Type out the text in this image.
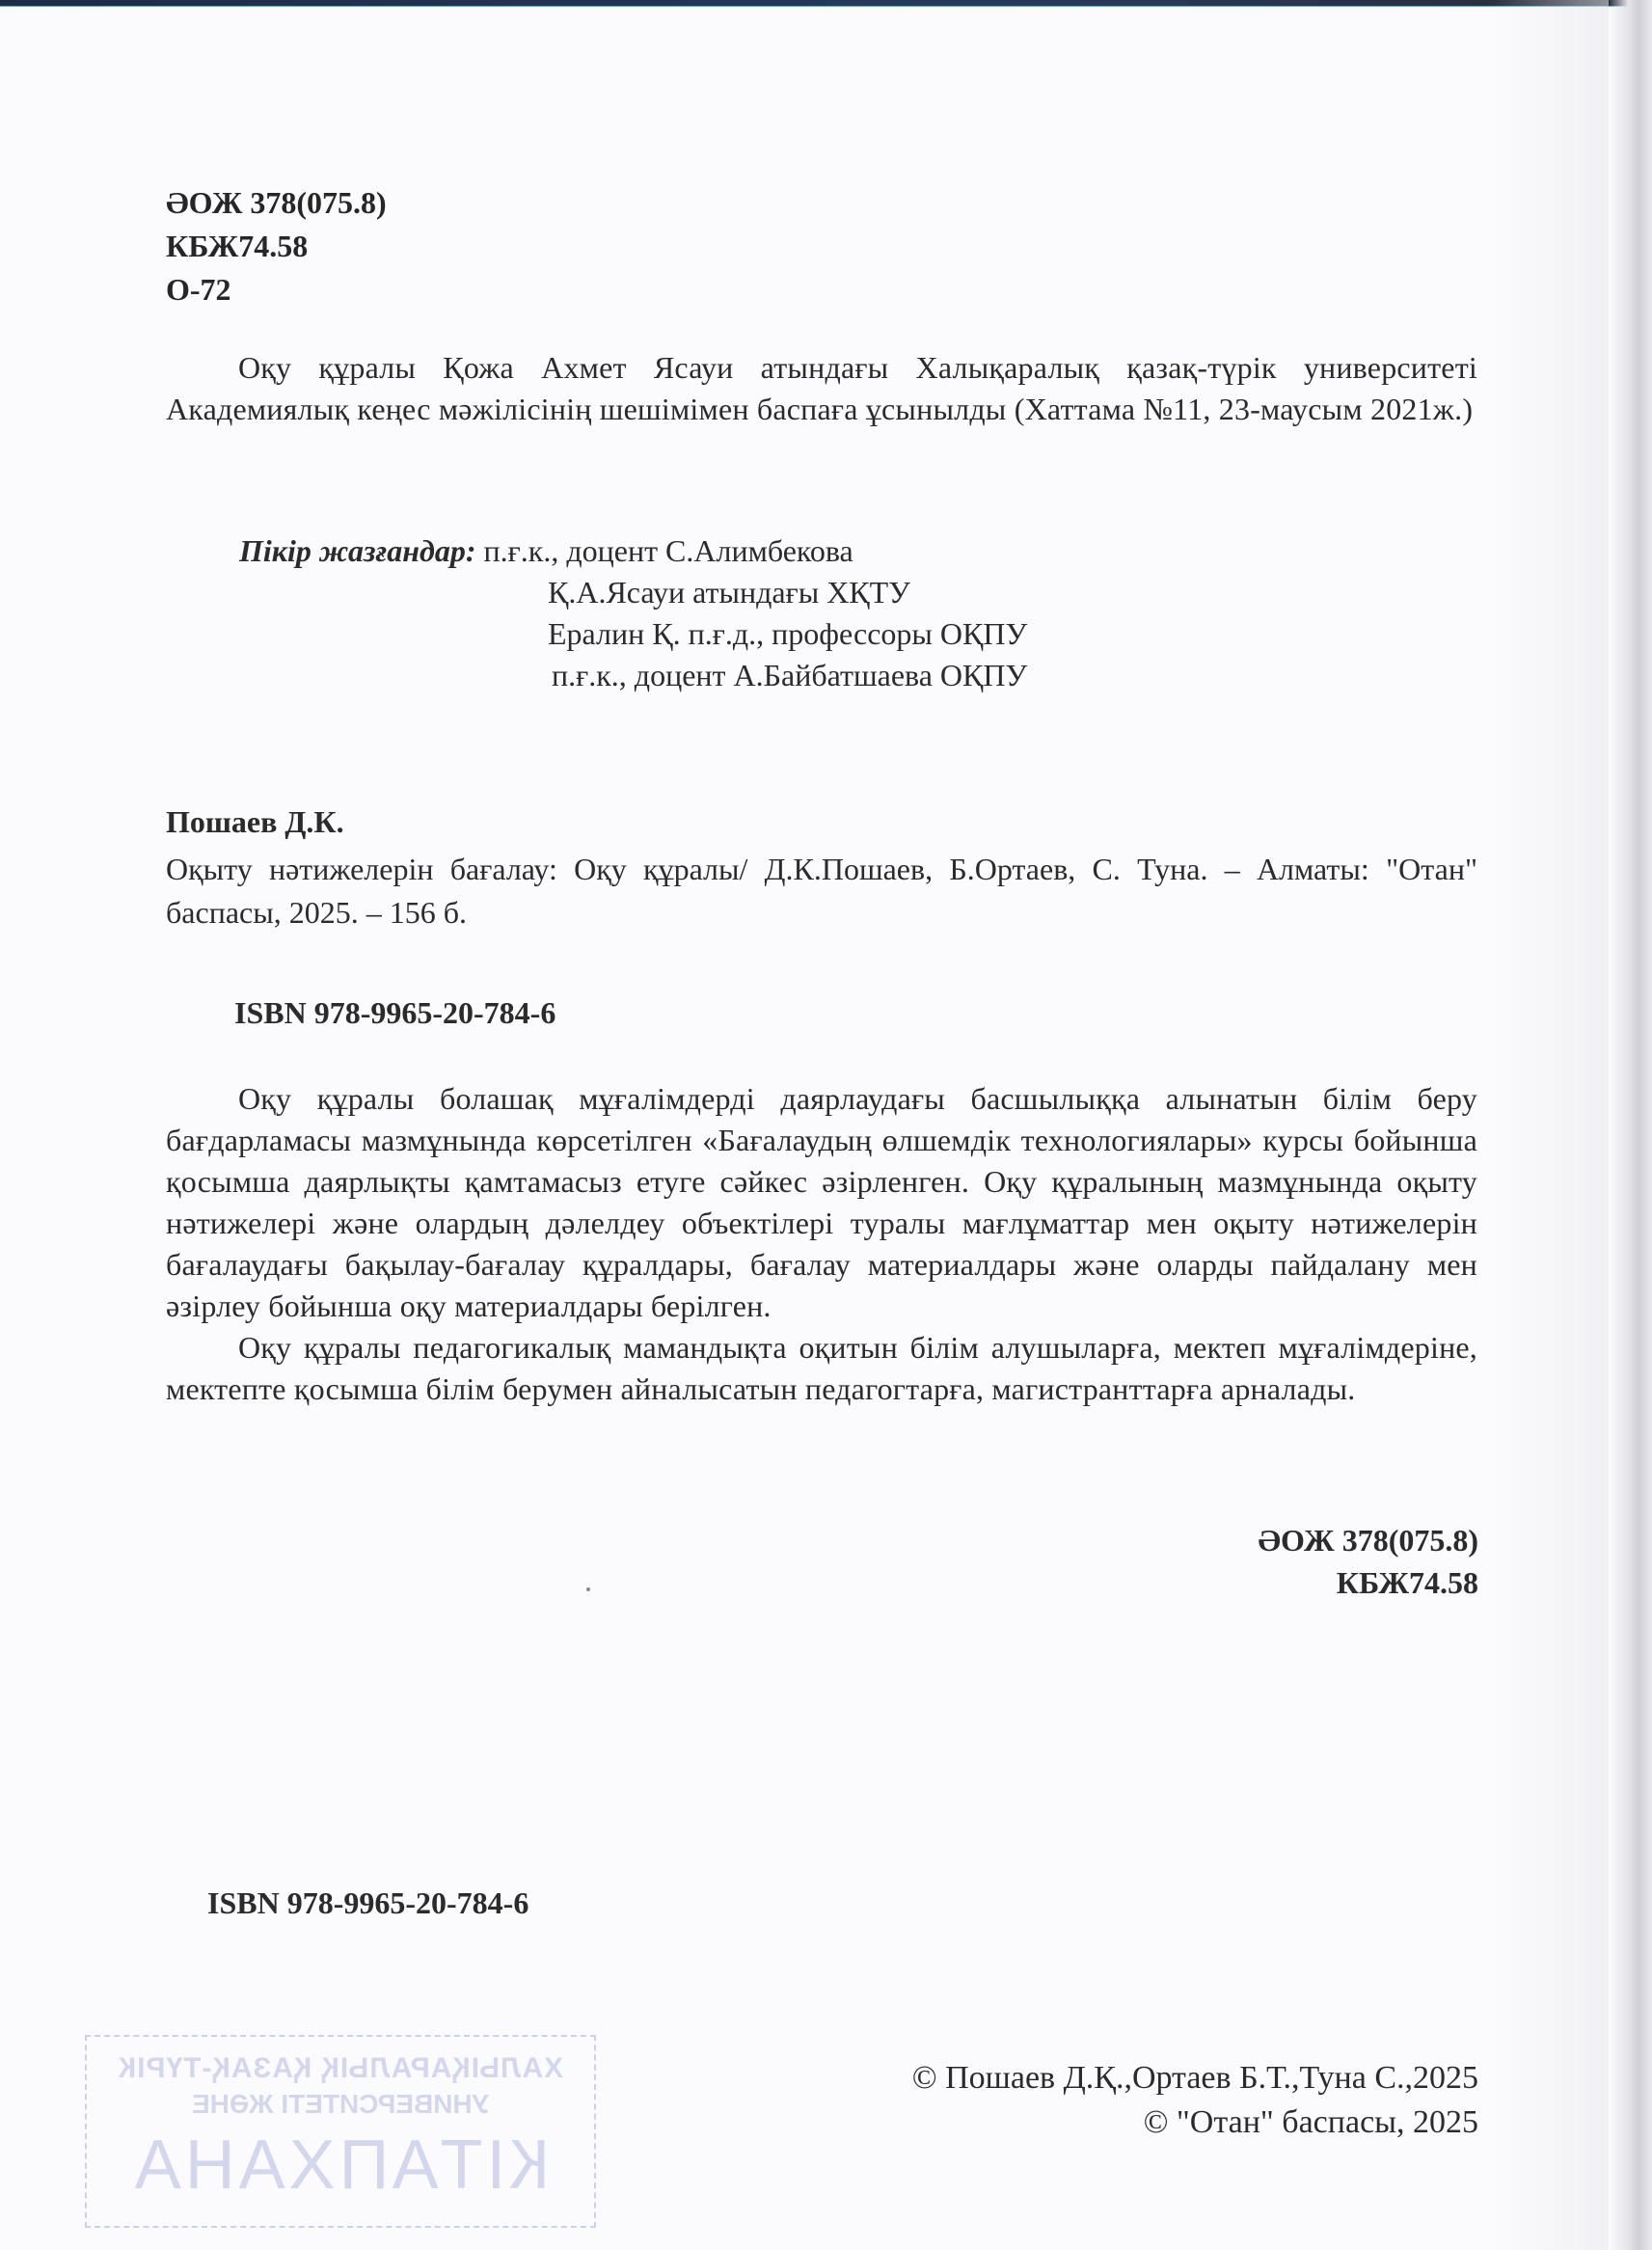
ӘОЖ 378(075.8)
КБЖ74.58
О-72
Оқу құралы Қожа Ахмет Ясауи атындағы Халықаралық қазақ-түрік университеті Академиялық кеңес мәжілісінің шешімімен баспаға ұсынылды (Хаттама №11, 23-маусым 2021ж.)
Пікір жазғандар: п.ғ.к., доцент С.Алимбекова
Қ.А.Ясауи атындағы ХҚТУ
Ералин Қ. п.ғ.д., профессоры ОҚПУ
п.ғ.к., доцент А.Байбатшаева ОҚПУ
Пошаев Д.К.
Оқыту нәтижелерін бағалау: Оқу құралы/ Д.К.Пошаев, Б.Ортаев, С. Туна. – Алматы: "Отан" баспасы, 2025. – 156 б.
ISBN 978-9965-20-784-6
Оқу құралы болашақ мұғалімдерді даярлаудағы басшылыққа алынатын білім беру бағдарламасы мазмұнында көрсетілген «Бағалаудың өлшемдік технологиялары» курсы бойынша қосымша даярлықты қамтамасыз етуге сәйкес әзірленген. Оқу құралының мазмұнында оқыту нәтижелері және олардың дәлелдеу объектілері туралы мағлұматтар мен оқыту нәтижелерін бағалаудағы бақылау-бағалау құралдары, бағалау материалдары және оларды пайдалану мен әзірлеу бойынша оқу материалдары берілген.
Оқу құралы педагогикалық мамандықта оқитын білім алушыларға, мектеп мұғалімдеріне, мектепте қосымша білім берумен айналысатын педагогтарға, магистранттарға арналады.
ӘОЖ 378(075.8)
КБЖ74.58
ISBN 978-9965-20-784-6
ХАЛЫҚАРАЛЫҚ ҚАЗАҚ-ТҮРІК
УНИВЕРСИТЕТІ ЖӘНЕ
КІТАПХАНА
© Пошаев Д.Қ.,Ортаев Б.Т.,Туна С.,2025
© "Отан" баспасы, 2025
